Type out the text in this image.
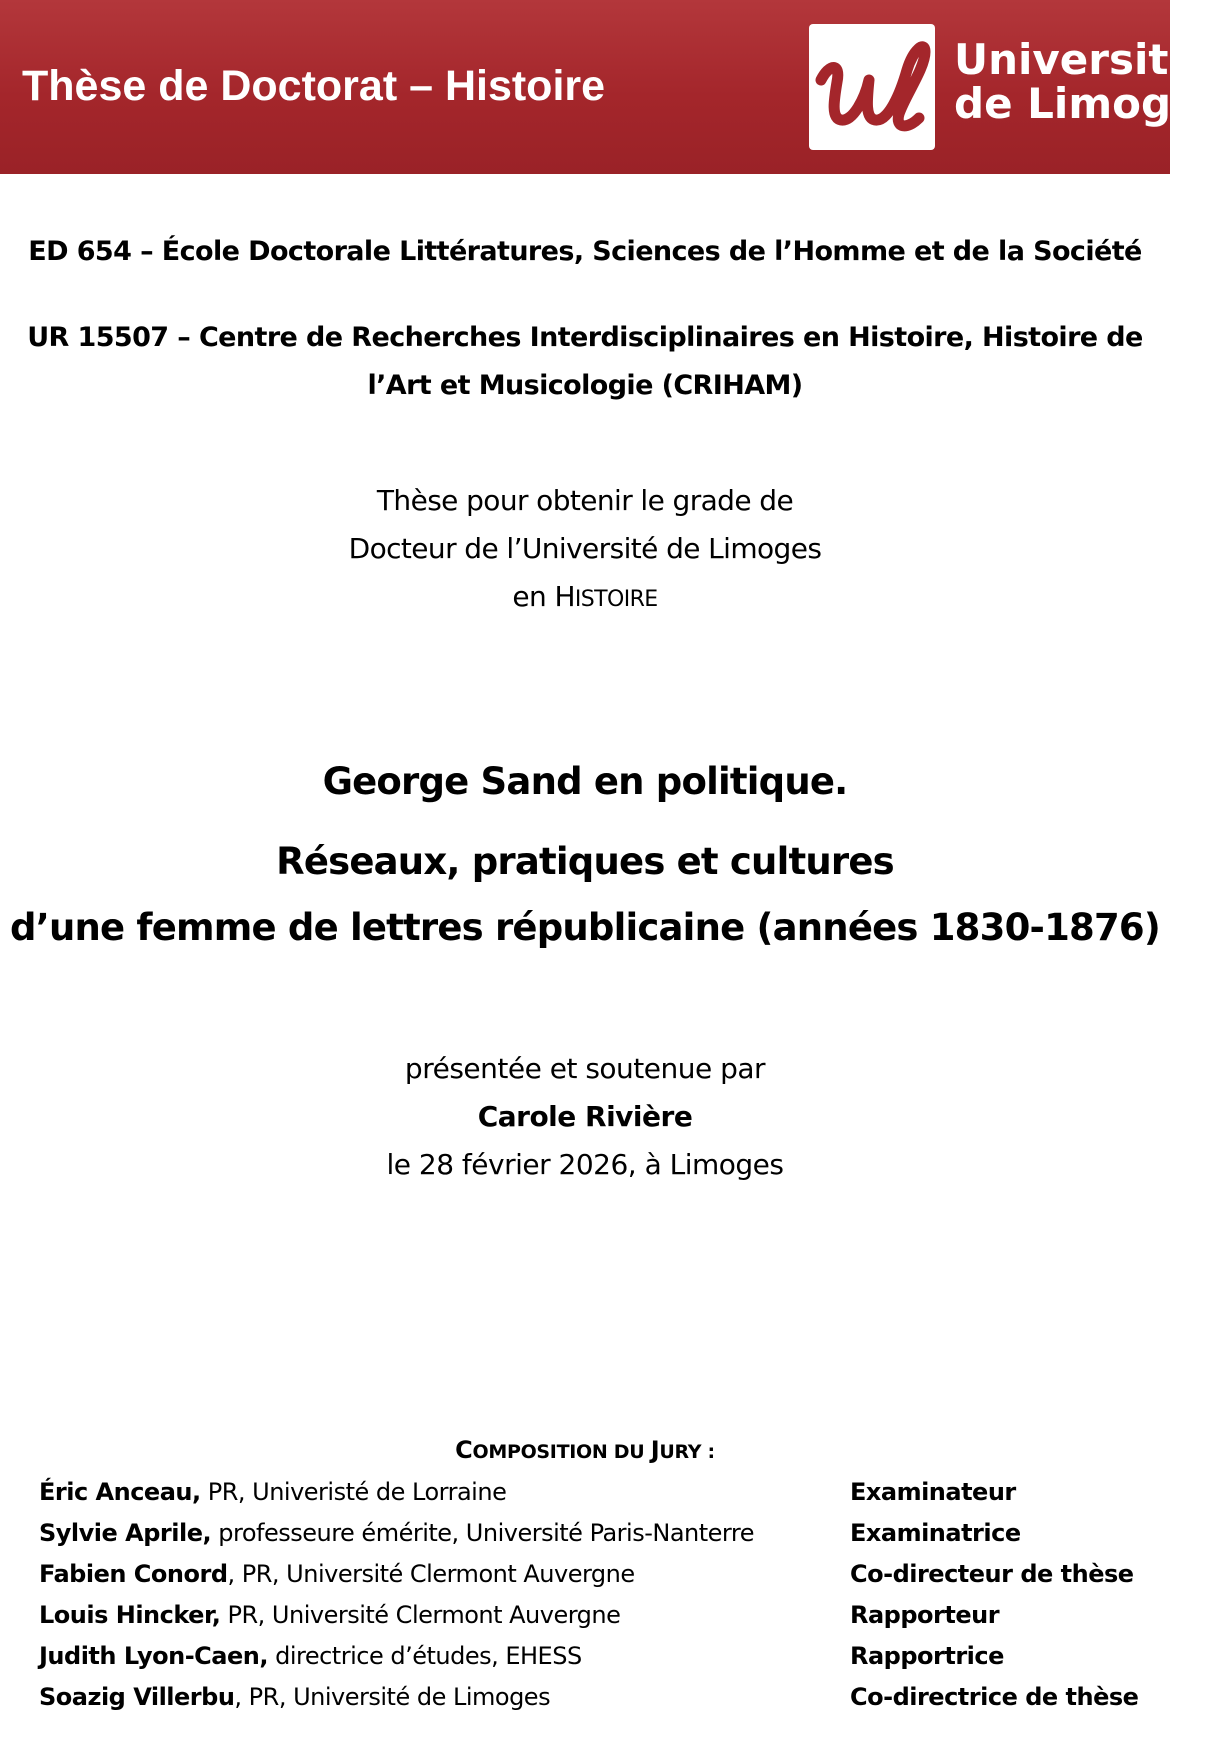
Thèse de Doctorat – Histoire
Université
de Limoges
ED 654 – École Doctorale Littératures, Sciences de l’Homme et de la Société
UR 15507 – Centre de Recherches Interdisciplinaires en Histoire, Histoire de
l’Art et Musicologie (CRIHAM)
Thèse pour obtenir le grade de
Docteur de l’Université de Limoges
en HISTOIRE
George Sand en politique.
Réseaux, pratiques et cultures
d’une femme de lettres républicaine (années 1830-1876)
présentée et soutenue par
Carole Rivière
le 28 février 2026, à Limoges
COMPOSITION DU JURY :
Éric Anceau, PR, Univeristé de Lorraine	Examinateur
Sylvie Aprile, professeure émérite, Université Paris-Nanterre	Examinatrice
Fabien Conord, PR, Université Clermont Auvergne	Co-directeur de thèse
Louis Hincker, PR, Université Clermont Auvergne	Rapporteur
Judith Lyon-Caen, directrice d’études, EHESS	Rapportrice
Soazig Villerbu, PR, Université de Limoges	Co-directrice de thèse
